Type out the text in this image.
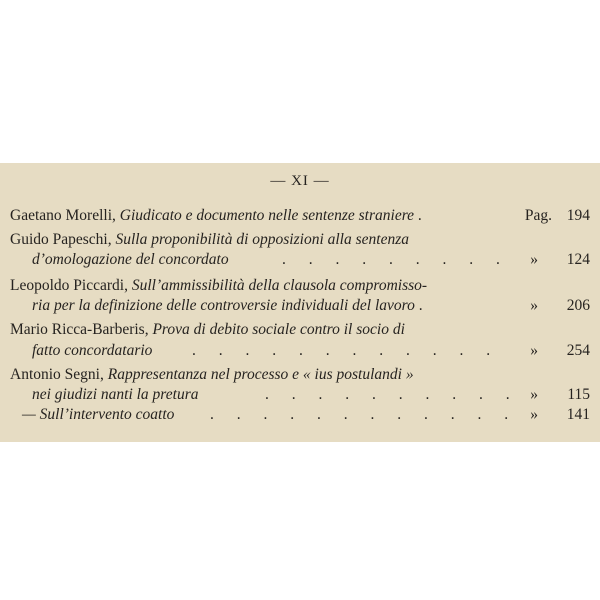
— XI —
Gaetano Morelli, Giudicato e documento nelle sentenze straniere .	Pag. 194
Guido Papeschi, Sulla proponibilità di opposizioni alla sentenza
d’omologazione del concordato	. . . . . . . . . » 124
Leopoldo Piccardi, Sull’ammissibilità della clausola compromisso-
ria per la definizione delle controversie individuali del lavoro .	» 206
Mario Ricca-Barberis, Prova di debito sociale contro il socio di
fatto concordatario	. . . . . . . . . . . . » 254
Antonio Segni, Rappresentanza nel processo e « ius postulandi »
nei giudizi nanti la pretura	. . . . . . . . . . » 115
— Sull’intervento coatto . . . . . . . . . . . . » 141
